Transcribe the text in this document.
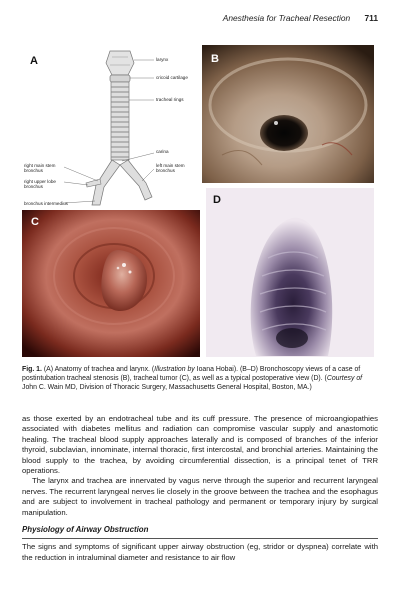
Anesthesia for Tracheal Resection 711
A	larynx
cricoid cartilage
tracheal rings
carina
left main stem
bronchus
right main stem
bronchus
right upper lobe
bronchus
bronchus intermedius
B
C
D
Fig. 1. (A) Anatomy of trachea and larynx. (Illustration by Ioana Hobai). (B–D) Bronchoscopy views of a case of postintubation tracheal stenosis (B), tracheal tumor (C), as well as a typical postoperative view (D). (Courtesy of John C. Wain MD, Division of Thoracic Surgery, Massachusetts General Hospital, Boston, MA.)

as those exerted by an endotracheal tube and its cuff pressure. The presence of microangiopathies associated with diabetes mellitus and radiation can compromise vascular supply and anastomotic healing. The tracheal blood supply approaches laterally and is composed of branches of the inferior thyroid, subclavian, innominate, internal thoracic, first intercostal, and bronchial arteries. Maintaining the blood supply to the trachea, by avoiding circumferential dissection, is a principal tenet of TRR operations.

The larynx and trachea are innervated by vagus nerve through the superior and recurrent laryngeal nerves. The recurrent laryngeal nerves lie closely in the groove between the trachea and the esophagus and are subject to involvement in tracheal pathology and permanent or temporary injury by surgical manipulation.

Physiology of Airway Obstruction

The signs and symptoms of significant upper airway obstruction (eg, stridor or dyspnea) correlate with the reduction in intraluminal diameter and resistance to air flow
